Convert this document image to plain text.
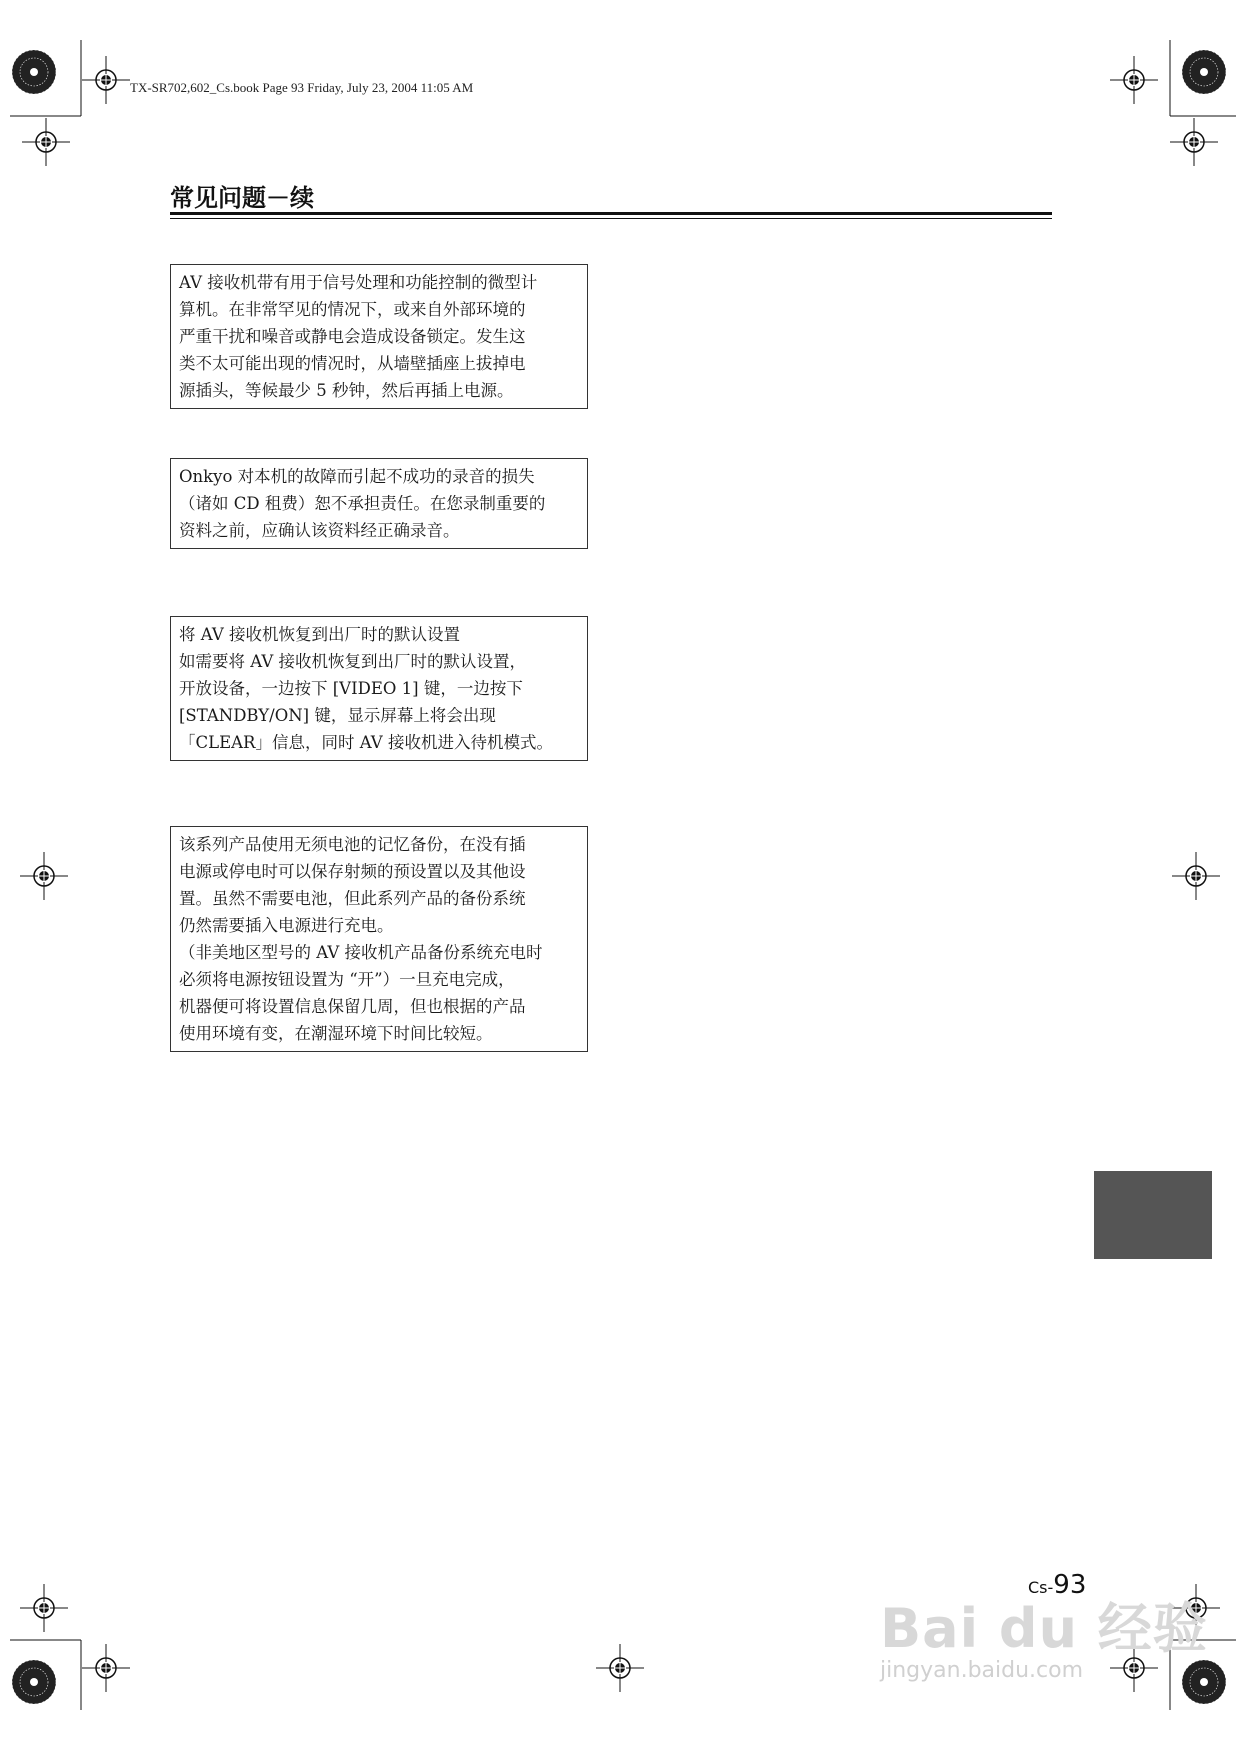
TX-SR702,602_Cs.book Page 93 Friday, July 23, 2004 11:05 AM
常见问题－续

AV 接收机带有用于信号处理和功能控制的微型计

算机。在非常罕见的情况下，或来自外部环境的

严重干扰和噪音或静电会造成设备锁定。发生这

类不太可能出现的情况时，从墙壁插座上拔掉电

源插头，等候最少 5 秒钟，然后再插上电源。

Onkyo 对本机的故障而引起不成功的录音的损失

（诸如 CD 租费）恕不承担责任。在您录制重要的

资料之前，应确认该资料经正确录音。

将 AV 接收机恢复到出厂时的默认设置

如需要将 AV 接收机恢复到出厂时的默认设置，

开放设备，一边按下 [VIDEO 1] 键，一边按下

[STANDBY/ON] 键，显示屏幕上将会出现

「CLEAR」信息，同时 AV 接收机进入待机模式。

该系列产品使用无须电池的记忆备份，在没有插

电源或停电时可以保存射频的预设置以及其他设

置。虽然不需要电池，但此系列产品的备份系统

仍然需要插入电源进行充电。

（非美地区型号的 AV 接收机产品备份系统充电时

必须将电源按钮设置为 “开”）一旦充电完成，

机器便可将设置信息保留几周，但也根据的产品

使用环境有变，在潮湿环境下时间比较短。

Bai du 经验
jingyan.baidu.com
Cs-93
